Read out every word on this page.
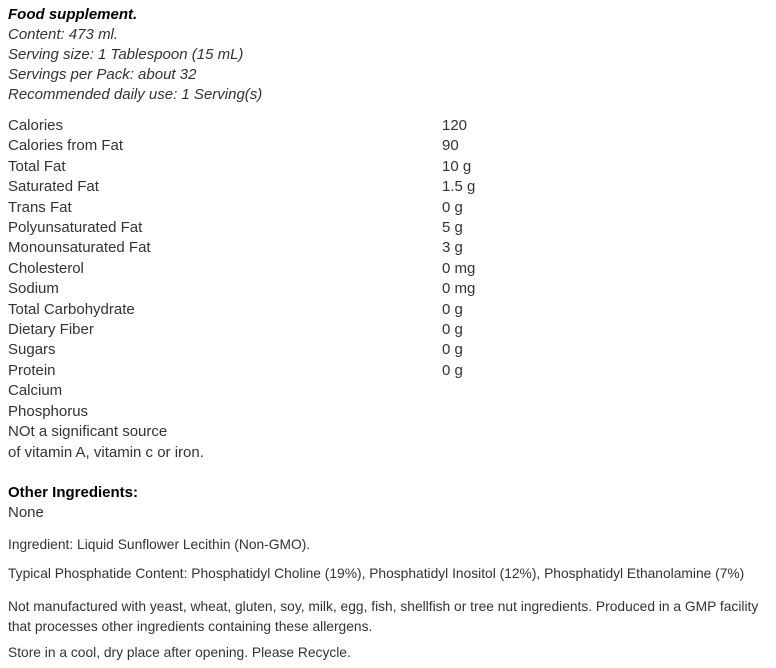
Food supplement.

Content: 473 ml.

Serving size: 1 Tablespoon (15 mL)

Servings per Pack: about 32

Recommended daily use: 1 Serving(s)

Calories	120
Calories from Fat	90
Total Fat	10 g
Saturated Fat	1.5 g
Trans Fat	0 g
Polyunsaturated Fat	5 g
Monounsaturated Fat	3 g
Cholesterol	0 mg
Sodium	0 mg
Total Carbohydrate	0 g
Dietary Fiber	0 g
Sugars	0 g
Protein	0 g
Calcium
Phosphorus
NOt a significant source
of vitamin A, vitamin c or iron.

Other Ingredients:

None

Ingredient: Liquid Sunflower Lecithin (Non-GMO).

Typical Phosphatide Content: Phosphatidyl Choline (19%), Phosphatidyl Inositol (12%), Phosphatidyl Ethanolamine (7%)

Not manufactured with yeast, wheat, gluten, soy, milk, egg, fish, shellfish or tree nut ingredients. Produced in a GMP facility that processes other ingredients containing these allergens.

Store in a cool, dry place after opening. Please Recycle.
